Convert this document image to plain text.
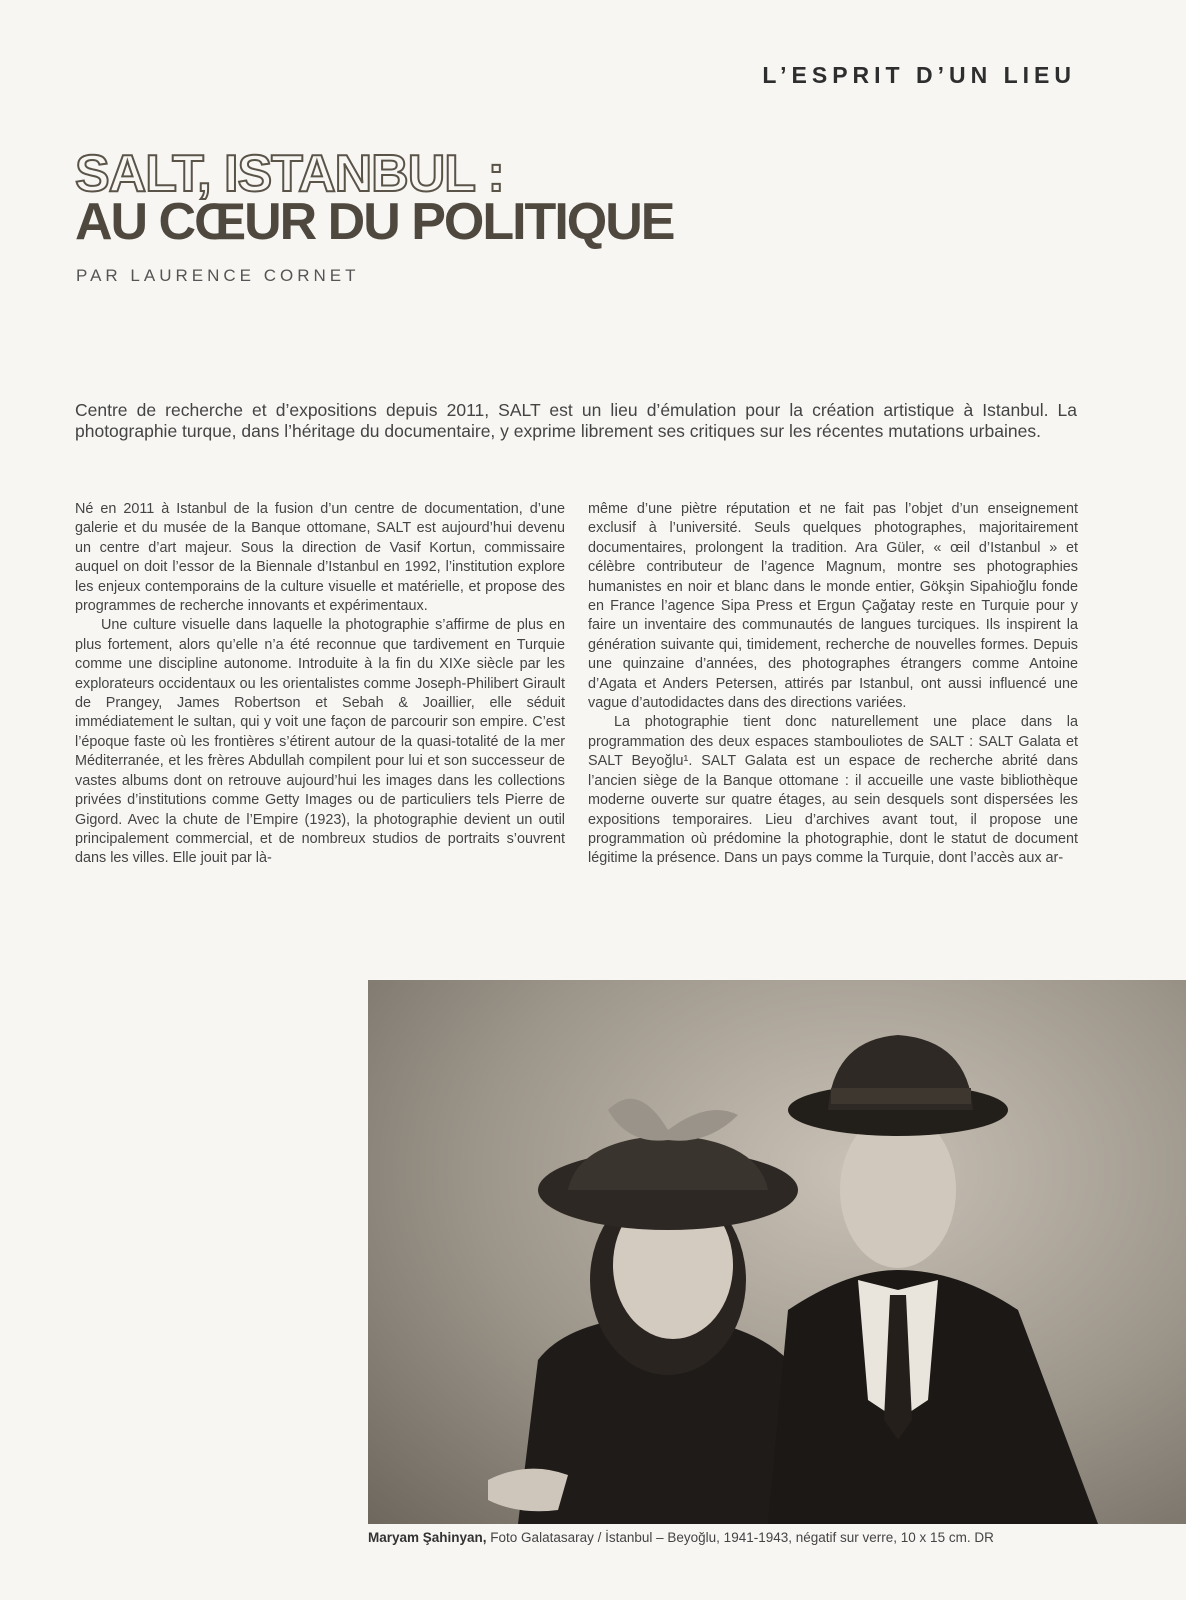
L’ESPRIT D’UN LIEU
SALT, ISTANBUL :
AU CŒUR DU POLITIQUE
PAR LAURENCE CORNET
Centre de recherche et d’expositions depuis 2011, SALT est un lieu d’émulation pour la création artistique à Istanbul. La photographie turque, dans l’héritage du documentaire, y exprime librement ses critiques sur les récentes mutations urbaines.

Né en 2011 à Istanbul de la fusion d’un centre de documentation, d’une galerie et du musée de la Banque ottomane, SALT est aujourd’hui devenu un centre d’art majeur. Sous la direction de Vasif Kortun, commissaire auquel on doit l’essor de la Biennale d’Istanbul en 1992, l’institution explore les enjeux contemporains de la culture visuelle et matérielle, et propose des programmes de recherche innovants et expérimentaux.

Une culture visuelle dans laquelle la photographie s’affirme de plus en plus fortement, alors qu’elle n’a été reconnue que tardivement en Turquie comme une discipline autonome. Introduite à la fin du XIXe siècle par les explorateurs occidentaux ou les orientalistes comme Joseph-Philibert Girault de Prangey, James Robertson et Sebah & Joaillier, elle séduit immédiatement le sultan, qui y voit une façon de parcourir son empire. C’est l’époque faste où les frontières s’étirent autour de la quasi-totalité de la mer Méditerranée, et les frères Abdullah compilent pour lui et son successeur de vastes albums dont on retrouve aujourd’hui les images dans les collections privées d’institutions comme Getty Images ou de particuliers tels Pierre de Gigord. Avec la chute de l’Empire (1923), la photographie devient un outil principalement commercial, et de nombreux studios de portraits s’ouvrent dans les villes. Elle jouit par là-

même d’une piètre réputation et ne fait pas l’objet d’un enseignement exclusif à l’université. Seuls quelques photographes, majoritairement documentaires, prolongent la tradition. Ara Güler, « œil d’Istanbul » et célèbre contributeur de l’agence Magnum, montre ses photographies humanistes en noir et blanc dans le monde entier, Gökşin Sipahioğlu fonde en France l’agence Sipa Press et Ergun Çağatay reste en Turquie pour y faire un inventaire des communautés de langues turciques. Ils inspirent la génération suivante qui, timidement, recherche de nouvelles formes. Depuis une quinzaine d’années, des photographes étrangers comme Antoine d’Agata et Anders Petersen, attirés par Istanbul, ont aussi influencé une vague d’autodidactes dans des directions variées.

La photographie tient donc naturellement une place dans la programmation des deux espaces stambouliotes de SALT : SALT Galata et SALT Beyoğlu¹. SALT Galata est un espace de recherche abrité dans l’ancien siège de la Banque ottomane : il accueille une vaste bibliothèque moderne ouverte sur quatre étages, au sein desquels sont dispersées les expositions temporaires. Lieu d’archives avant tout, il propose une programmation où prédomine la photographie, dont le statut de document légitime la présence. Dans un pays comme la Turquie, dont l’accès aux ar-

Maryam Şahinyan, Foto Galatasaray / İstanbul – Beyoğlu, 1941-1943, négatif sur verre, 10 x 15 cm. DR
